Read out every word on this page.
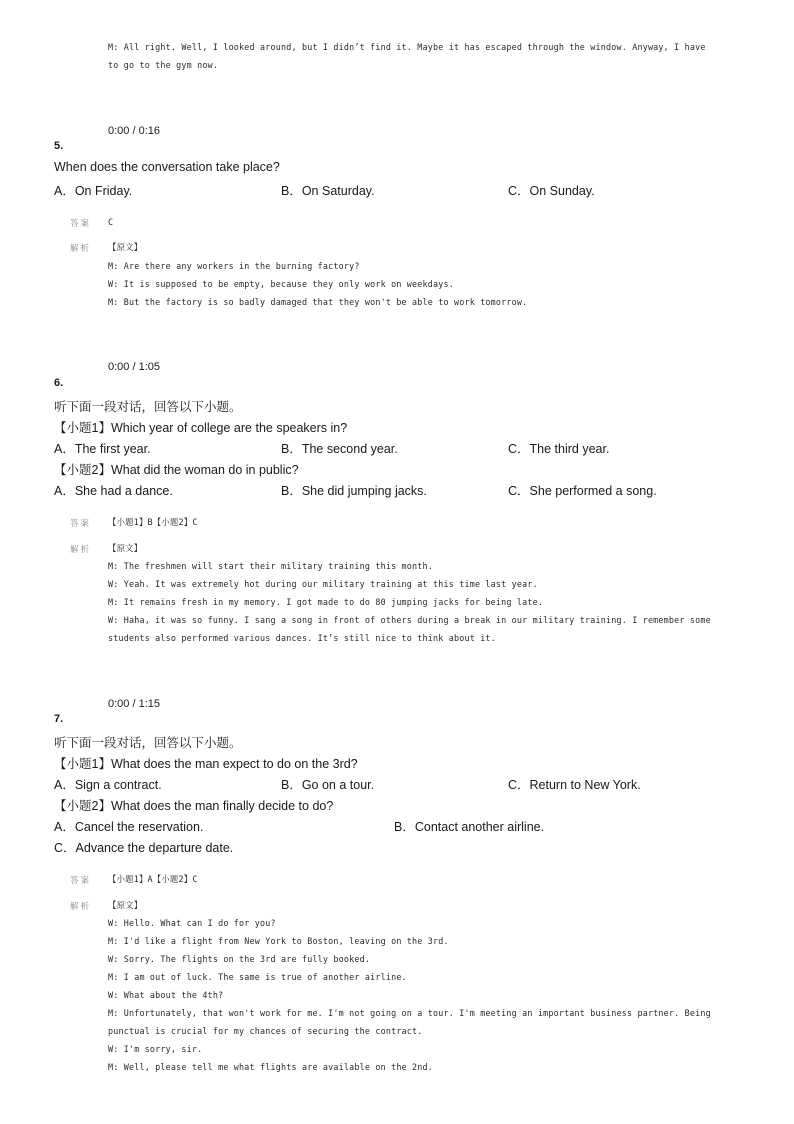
M: All right. Well, I looked around, but I didn’t find it. Maybe it has escaped through the window. Anyway, I have
to go to the gym now.
0:00 / 0:16
5.
When does the conversation take place?
A．On Friday.	B．On Saturday.	C．On Sunday.
答案 C
解析 【原文】
M: Are there any workers in the burning factory?
W: It is supposed to be empty, because they only work on weekdays.
M: But the factory is so badly damaged that they won't be able to work tomorrow.
0:00 / 1:05
6.
听下面一段对话，回答以下小题。
【小题1】Which year of college are the speakers in?
A．The first year.	B．The second year.	C．The third year.
【小题2】What did the woman do in public?
A．She had a dance.	B．She did jumping jacks.	C．She performed a song.
答案 【小题1】B【小题2】C
解析 【原文】
M: The freshmen will start their military training this month.
W: Yeah. It was extremely hot during our military training at this time last year.
M: It remains fresh in my memory. I got made to do 80 jumping jacks for being late.
W: Haha, it was so funny. I sang a song in front of others during a break in our military training. I remember some
students also performed various dances. It’s still nice to think about it.
0:00 / 1:15
7.
听下面一段对话，回答以下小题。
【小题1】What does the man expect to do on the 3rd?
A．Sign a contract.	B．Go on a tour.	C．Return to New York.
【小题2】What does the man finally decide to do?
A．Cancel the reservation.	B．Contact another airline.
C．Advance the departure date.
答案 【小题1】A【小题2】C
解析 【原文】
W: Hello. What can I do for you?
M: I'd like a flight from New York to Boston, leaving on the 3rd.
W: Sorry. The flights on the 3rd are fully booked.
M: I am out of luck. The same is true of another airline.
W: What about the 4th?
M: Unfortunately, that won't work for me. I'm not going on a tour. I'm meeting an important business partner. Being
punctual is crucial for my chances of securing the contract.
W: I'm sorry, sir.
M: Well, please tell me what flights are available on the 2nd.
